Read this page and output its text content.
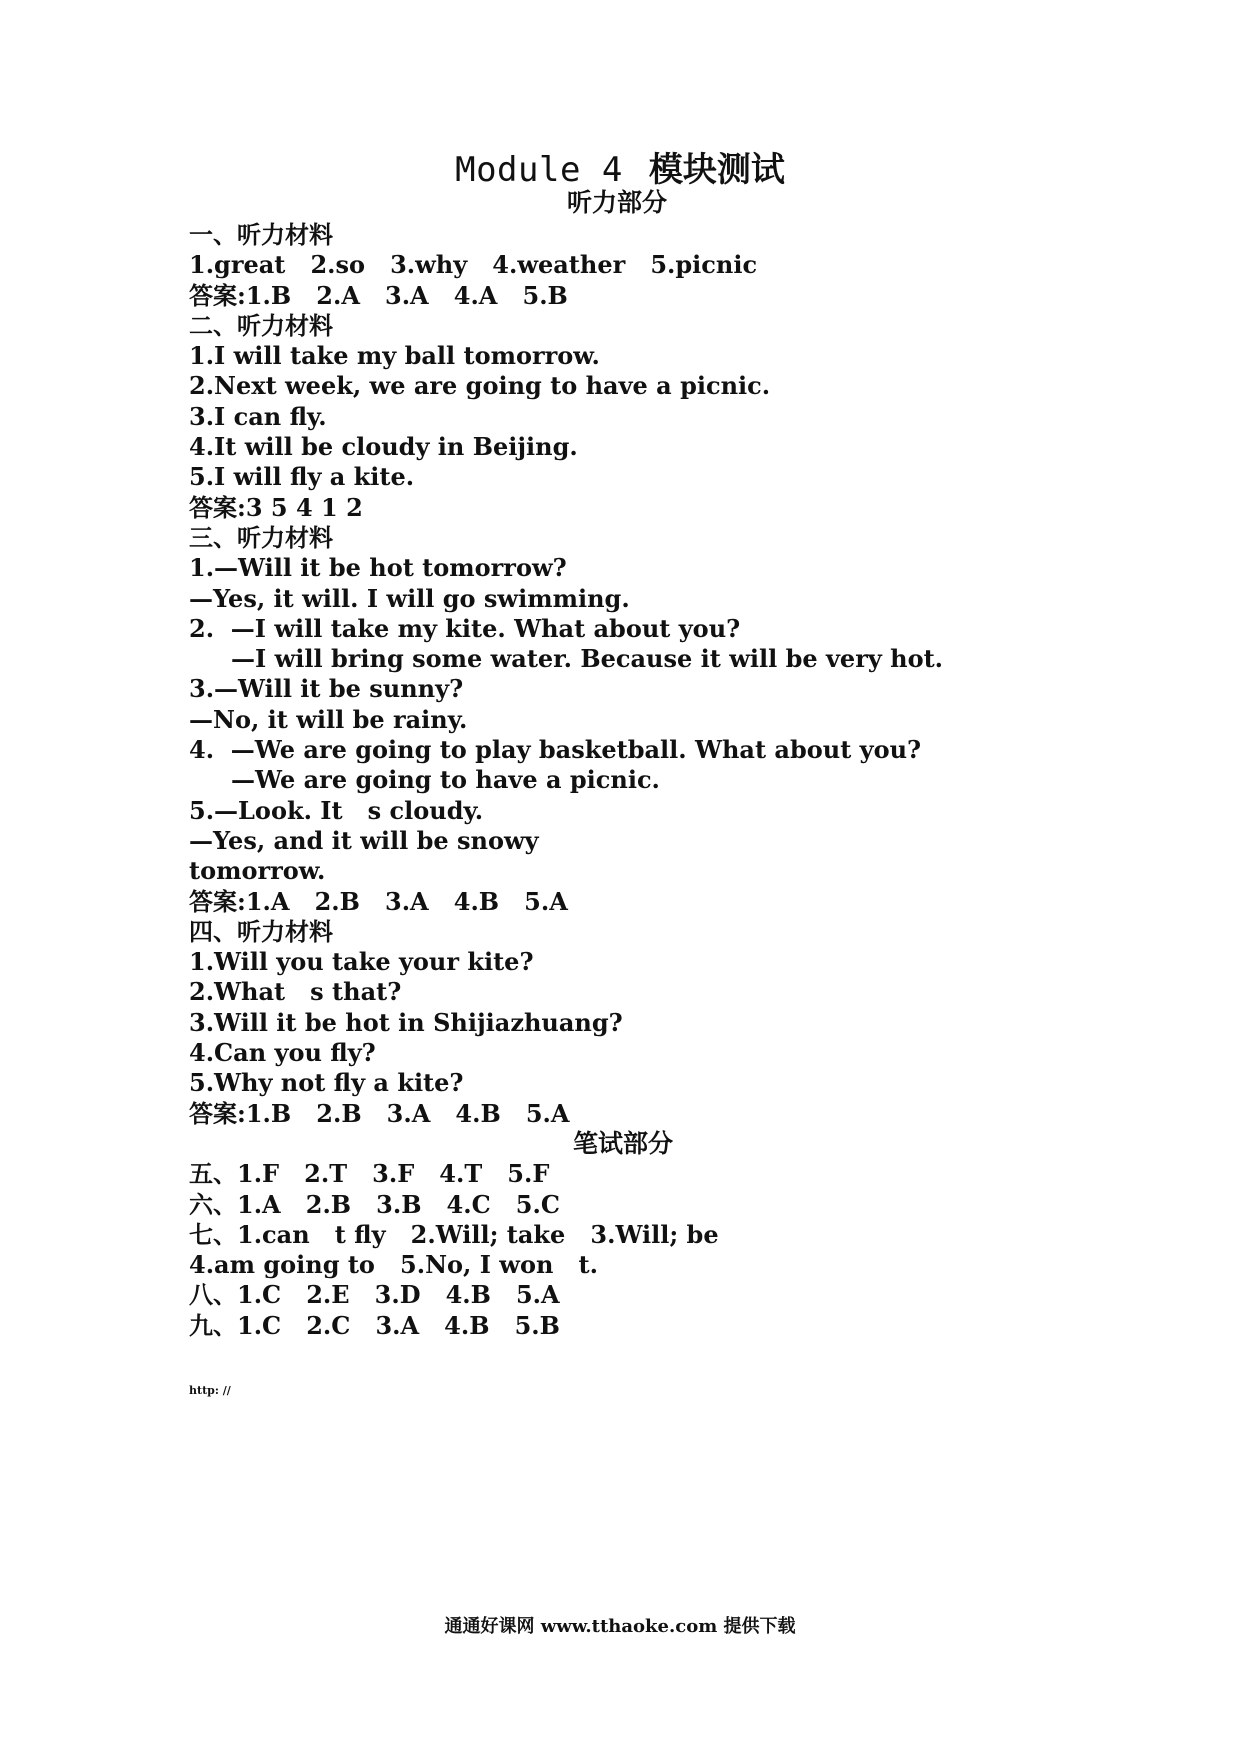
Module 4 模块测试
听力部分
一、听力材料
1.great   2.so   3.why   4.weather   5.picnic
答案:1.B   2.A   3.A   4.A   5.B
二、听力材料
1.I will take my ball tomorrow.
2.Next week, we are going to have a picnic.
3.I can fly.
4.It will be cloudy in Beijing.
5.I will fly a kite.
答案:3 5 4 1 2
三、听力材料
1.—Will it be hot tomorrow?
—Yes, it will. I will go swimming.
2.  —I will take my kite. What about you?
—I will bring some water. Because it will be very hot.
3.—Will it be sunny?
—No, it will be rainy.
4.  —We are going to play basketball. What about you?
—We are going to have a picnic.
5.—Look. It   s cloudy.
—Yes, and it will be snowy
tomorrow.
答案:1.A   2.B   3.A   4.B   5.A
四、听力材料
1.Will you take your kite?
2.What   s that?
3.Will it be hot in Shijiazhuang?
4.Can you fly?
5.Why not fly a kite?
答案:1.B   2.B   3.A   4.B   5.A
笔试部分
五、1.F   2.T   3.F   4.T   5.F
六、1.A   2.B   3.B   4.C   5.C
七、1.can   t fly   2.Will; take   3.Will; be
4.am going to   5.No, I won   t.
八、1.C   2.E   3.D   4.B   5.A
九、1.C   2.C   3.A   4.B   5.B
http: //
通通好课网 www.tthaoke.com 提供下载
